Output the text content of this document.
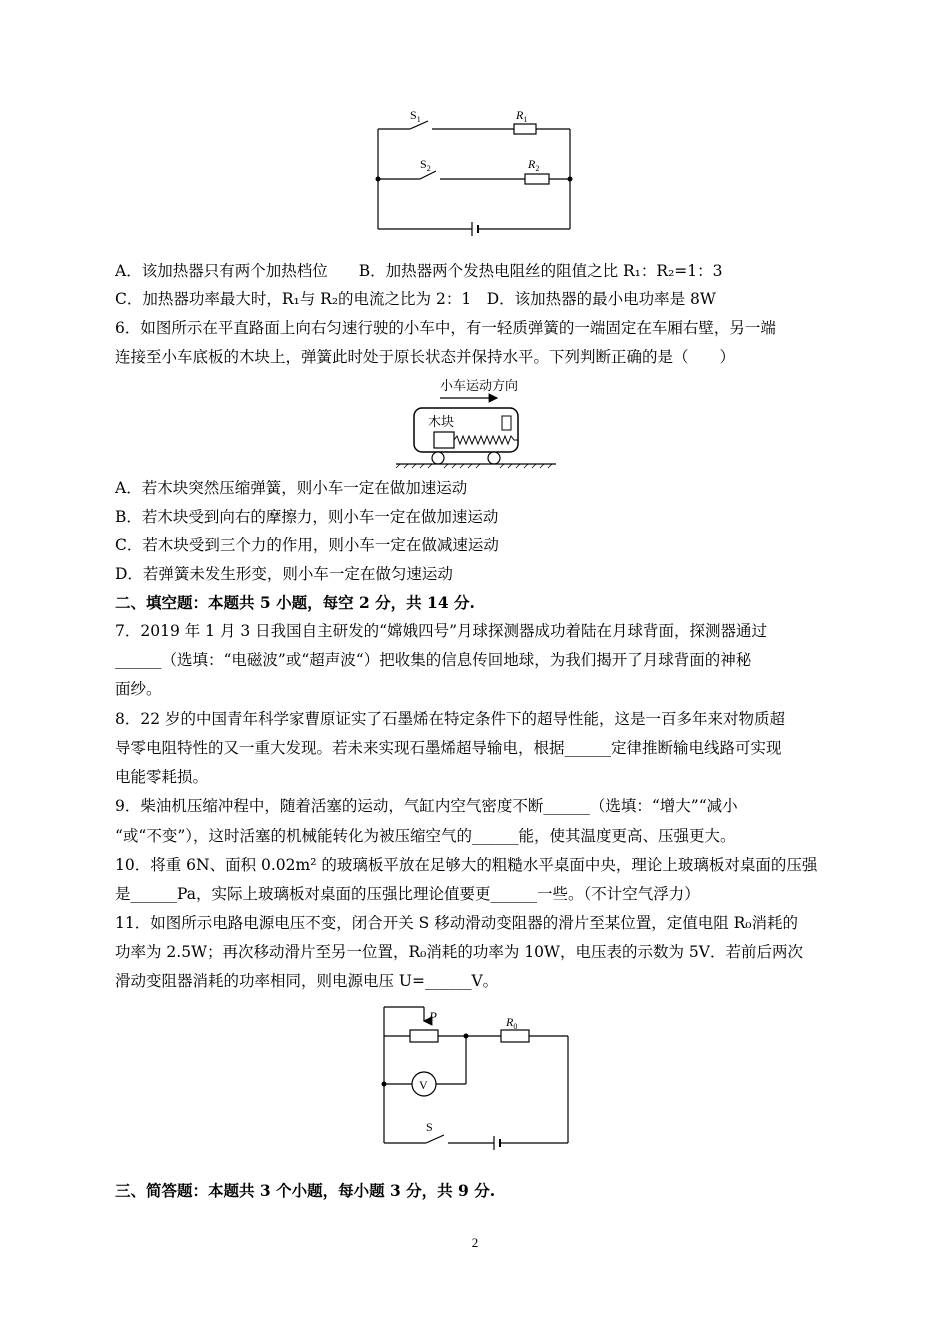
$S_1$	$R_1$
$S_2$	$R_2$
A．该加热器只有两个加热档位　　B．加热器两个发热电阻丝的阻值之比 R₁：R₂=1：3
C．加热器功率最大时，R₁与 R₂的电流之比为 2：1　D．该加热器的最小电功率是 8W
6．如图所示在平直路面上向右匀速行驶的小车中，有一轻质弹簧的一端固定在车厢右壁，另一端
连接至小车底板的木块上，弹簧此时处于原长状态并保持水平。下列判断正确的是（　　）
小车运动方向
木块
A．若木块突然压缩弹簧，则小车一定在做加速运动
B．若木块受到向右的摩擦力，则小车一定在做加速运动
C．若木块受到三个力的作用，则小车一定在做减速运动
D．若弹簧未发生形变，则小车一定在做匀速运动
二、填空题：本题共 5 小题，每空 2 分，共 14 分.
7．2019 年 1 月 3 日我国自主研发的“嫦娥四号”月球探测器成功着陆在月球背面，探测器通过
______（选填：“电磁波”或“超声波“）把收集的信息传回地球，为我们揭开了月球背面的神秘
面纱。
8．22 岁的中国青年科学家曹原证实了石墨烯在特定条件下的超导性能，这是一百多年来对物质超
导零电阻特性的又一重大发现。若未来实现石墨烯超导输电，根据______定律推断输电线路可实现
电能零耗损。
9．柴油机压缩冲程中，随着活塞的运动，气缸内空气密度不断______（选填：“增大”“减小
“或“不变”），这时活塞的机械能转化为被压缩空气的______能，使其温度更高、压强更大。
10．将重 6N、面积 0.02m² 的玻璃板平放在足够大的粗糙水平桌面中央，理论上玻璃板对桌面的压强
是______Pa，实际上玻璃板对桌面的压强比理论值要更______一些。（不计空气浮力）
11．如图所示电路电源电压不变，闭合开关 S 移动滑动变阻器的滑片至某位置，定值电阻 R₀消耗的
功率为 2.5W；再次移动滑片至另一位置，R₀消耗的功率为 10W，电压表的示数为 5V．若前后两次
滑动变阻器消耗的功率相同，则电源电压 U=______V。
P	$R_0$
V
S
三、简答题：本题共 3 个小题，每小题 3 分，共 9 分.
2
